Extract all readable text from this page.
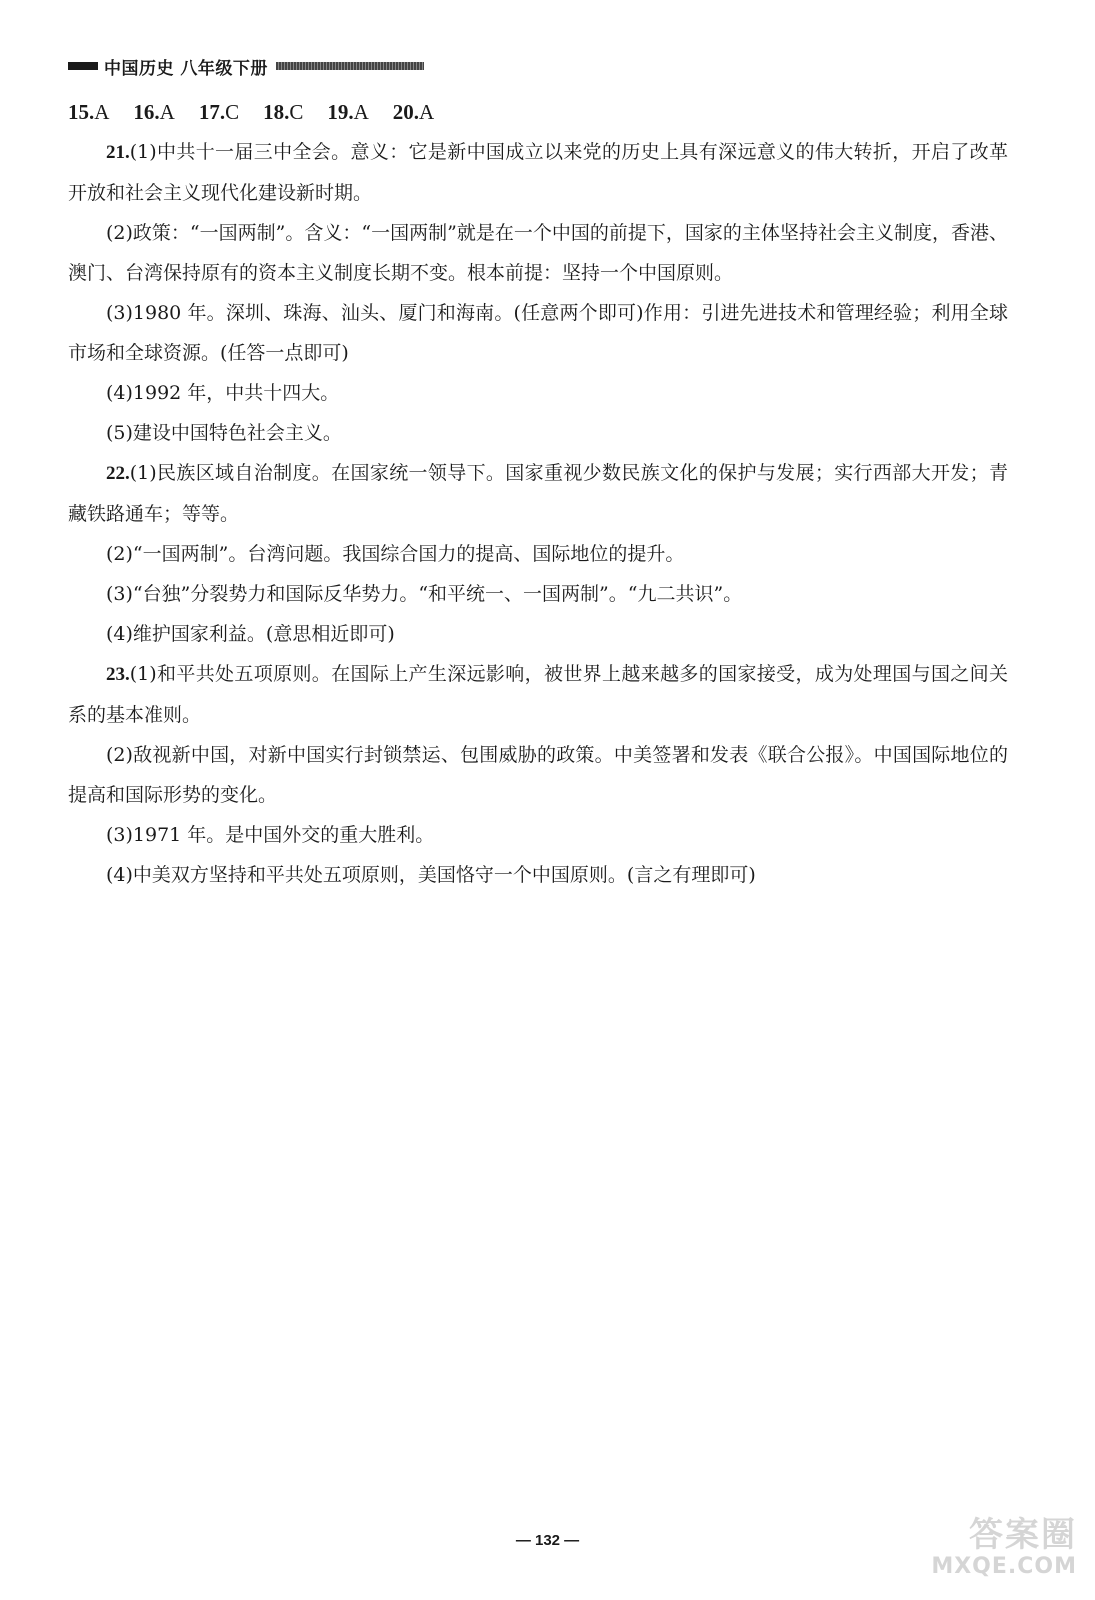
中国历史 八年级下册
15.A 16.A 17.C 18.C 19.A 20.A

21.(1)中共十一届三中全会。意义：它是新中国成立以来党的历史上具有深远意义的伟大转折，开启了改革开放和社会主义现代化建设新时期。

(2)政策：“一国两制”。含义：“一国两制”就是在一个中国的前提下，国家的主体坚持社会主义制度，香港、澳门、台湾保持原有的资本主义制度长期不变。根本前提：坚持一个中国原则。

(3)1980 年。深圳、珠海、汕头、厦门和海南。(任意两个即可)作用：引进先进技术和管理经验；利用全球市场和全球资源。(任答一点即可)

(4)1992 年，中共十四大。

(5)建设中国特色社会主义。

22.(1)民族区域自治制度。在国家统一领导下。国家重视少数民族文化的保护与发展；实行西部大开发；青藏铁路通车；等等。

(2)“一国两制”。台湾问题。我国综合国力的提高、国际地位的提升。

(3)“台独”分裂势力和国际反华势力。“和平统一、一国两制”。“九二共识”。

(4)维护国家利益。(意思相近即可)

23.(1)和平共处五项原则。在国际上产生深远影响，被世界上越来越多的国家接受，成为处理国与国之间关系的基本准则。

(2)敌视新中国，对新中国实行封锁禁运、包围威胁的政策。中美签署和发表《联合公报》。中国国际地位的提高和国际形势的变化。

(3)1971 年。是中国外交的重大胜利。

(4)中美双方坚持和平共处五项原则，美国恪守一个中国原则。(言之有理即可)

— 132 —	答案圈
MXQE.COM
